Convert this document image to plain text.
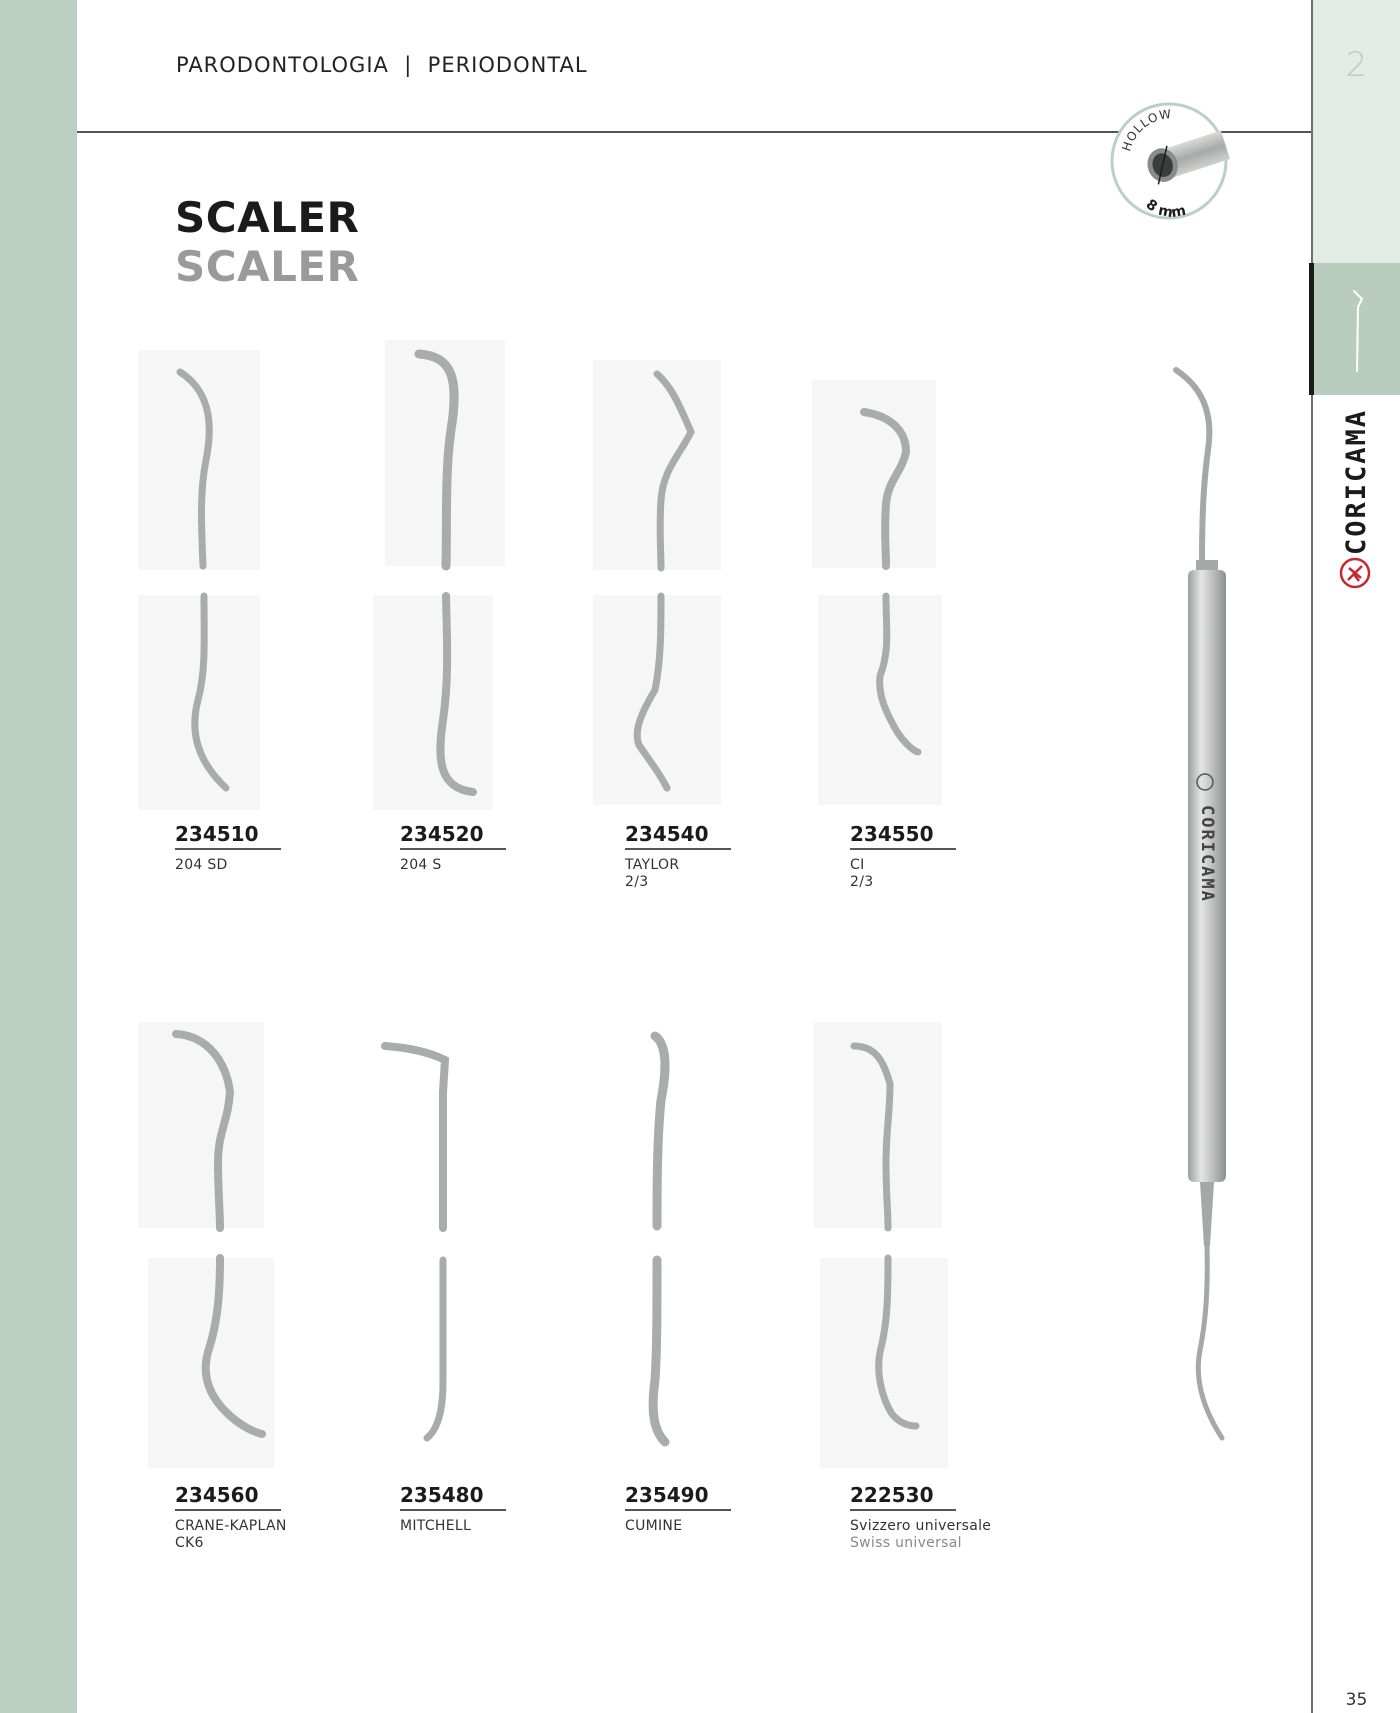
2
CORICAMA
PARODONTOLOGIA  |  PERIODONTAL
SCALER
SCALER
HOLLOW
8 mm
CORICAMA
234510
204 SD
234520
204 S
234540
TAYLOR
2/3
234550
CI
2/3
234560
CRANE-KAPLAN
CK6
235480
MITCHELL
235490
CUMINE
222530
Svizzero universale
Swiss universal
35
